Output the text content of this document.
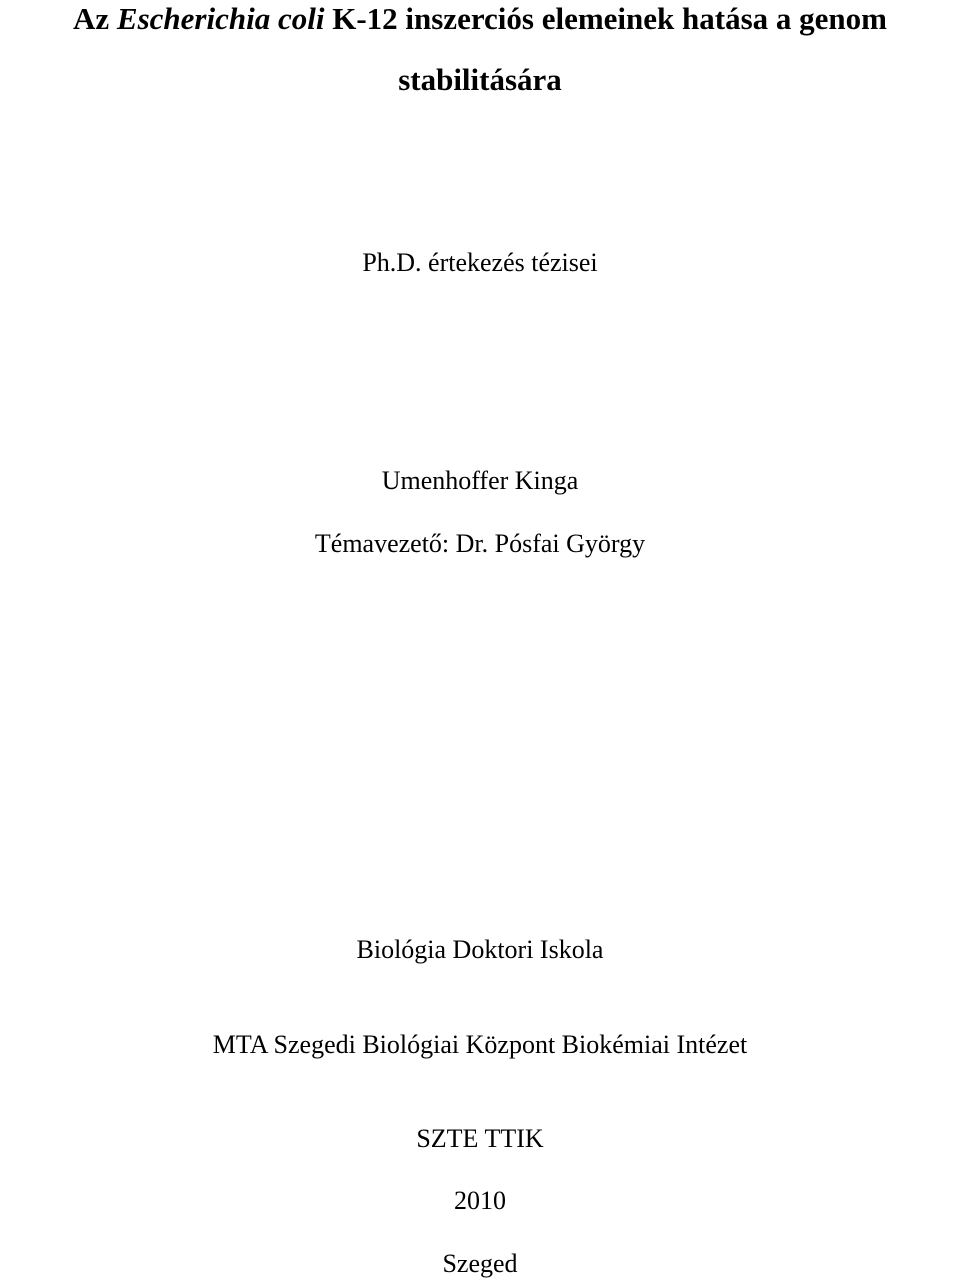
Az Escherichia coli K-12 inszerciós elemeinek hatása a genom
stabilitására
Ph.D. értekezés tézisei
Umenhoffer Kinga
Témavezető: Dr. Pósfai György
Biológia Doktori Iskola
MTA Szegedi Biológiai Központ Biokémiai Intézet
SZTE TTIK
2010
Szeged
